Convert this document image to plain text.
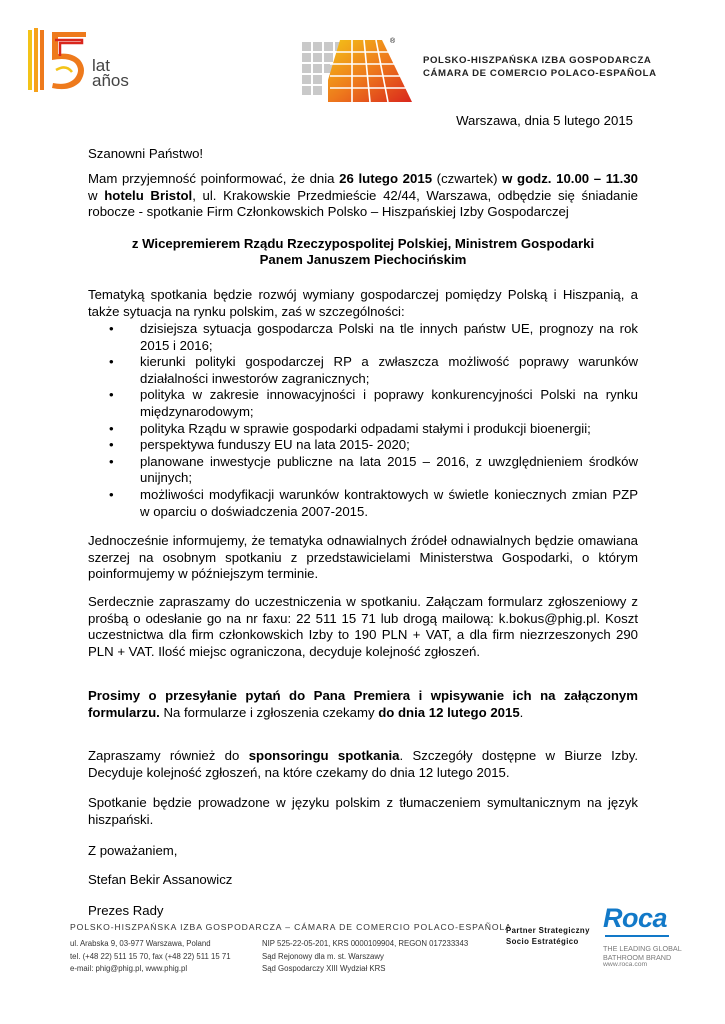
lat
años
®
POLSKO-HISZPAŃSKA IZBA GOSPODARCZA
CÁMARA DE COMERCIO POLACO-ESPAÑOLA
Warszawa, dnia 5 lutego 2015
Szanowni Państwo!
Mam przyjemność poinformować, że dnia 26 lutego 2015 (czwartek) w godz. 10.00 – 11.30 w hotelu Bristol, ul. Krakowskie Przedmieście 42/44, Warszawa, odbędzie się śniadanie robocze - spotkanie Firm Członkowskich Polsko – Hiszpańskiej Izby Gospodarczej
z Wicepremierem Rządu Rzeczypospolitej Polskiej, Ministrem Gospodarki
Panem Januszem Piechocińskim
Tematyką spotkania będzie rozwój wymiany gospodarczej pomiędzy Polską i Hiszpanią, a także sytuacja na rynku polskim, zaś w szczególności:
•	dzisiejsza sytuacja gospodarcza Polski na tle innych państw UE, prognozy na rok 2015 i 2016;
•	kierunki polityki gospodarczej RP a zwłaszcza możliwość poprawy warunków działalności inwestorów zagranicznych;
•	polityka w zakresie innowacyjności i poprawy konkurencyjności Polski na rynku międzynarodowym;
•	polityka Rządu w sprawie gospodarki odpadami stałymi i produkcji bioenergii;
•	perspektywa funduszy EU na lata 2015- 2020;
•	planowane inwestycje publiczne na lata 2015 – 2016, z uwzględnieniem środków unijnych;
•	możliwości modyfikacji warunków kontraktowych w świetle koniecznych zmian PZP w oparciu o doświadczenia 2007-2015.
Jednocześnie informujemy, że tematyka odnawialnych źródeł odnawialnych będzie omawiana szerzej na osobnym spotkaniu z przedstawicielami Ministerstwa Gospodarki, o którym poinformujemy w późniejszym terminie.
Serdecznie zapraszamy do uczestniczenia w spotkaniu. Załączam formularz zgłoszeniowy z prośbą o odesłanie go na nr faxu: 22 511 15 71 lub drogą mailową: k.bokus@phig.pl. Koszt uczestnictwa dla firm członkowskich Izby to 190 PLN + VAT, a dla firm niezrzeszonych 290 PLN + VAT. Ilość miejsc ograniczona, decyduje kolejność zgłoszeń.
Prosimy o przesyłanie pytań do Pana Premiera i wpisywanie ich na załączonym formularzu. Na formularze i zgłoszenia czekamy do dnia 12 lutego 2015.
Zapraszamy również do sponsoringu spotkania. Szczegóły dostępne w Biurze Izby. Decyduje kolejność zgłoszeń, na które czekamy do dnia 12 lutego 2015.
Spotkanie będzie prowadzone w języku polskim z tłumaczeniem symultanicznym na język hiszpański.
Z poważaniem,
Stefan Bekir Assanowicz
Prezes Rady
POLSKO-HISZPAŃSKA IZBA GOSPODARCZA – CÁMARA DE COMERCIO POLACO-ESPAÑOLA
ul. Arabska 9, 03-977 Warszawa, Poland
tel. (+48 22) 511 15 70, fax (+48 22) 511 15 71
e-mail: phig@phig.pl, www.phig.pl
NIP 525-22-05-201, KRS 0000109904, REGON 017233343
Sąd Rejonowy dla m. st. Warszawy
Sąd Gospodarczy XIII Wydział KRS
Partner Strategiczny
Socio Estratégico
Roca
THE LEADING GLOBAL
BATHROOM BRAND
www.roca.com
